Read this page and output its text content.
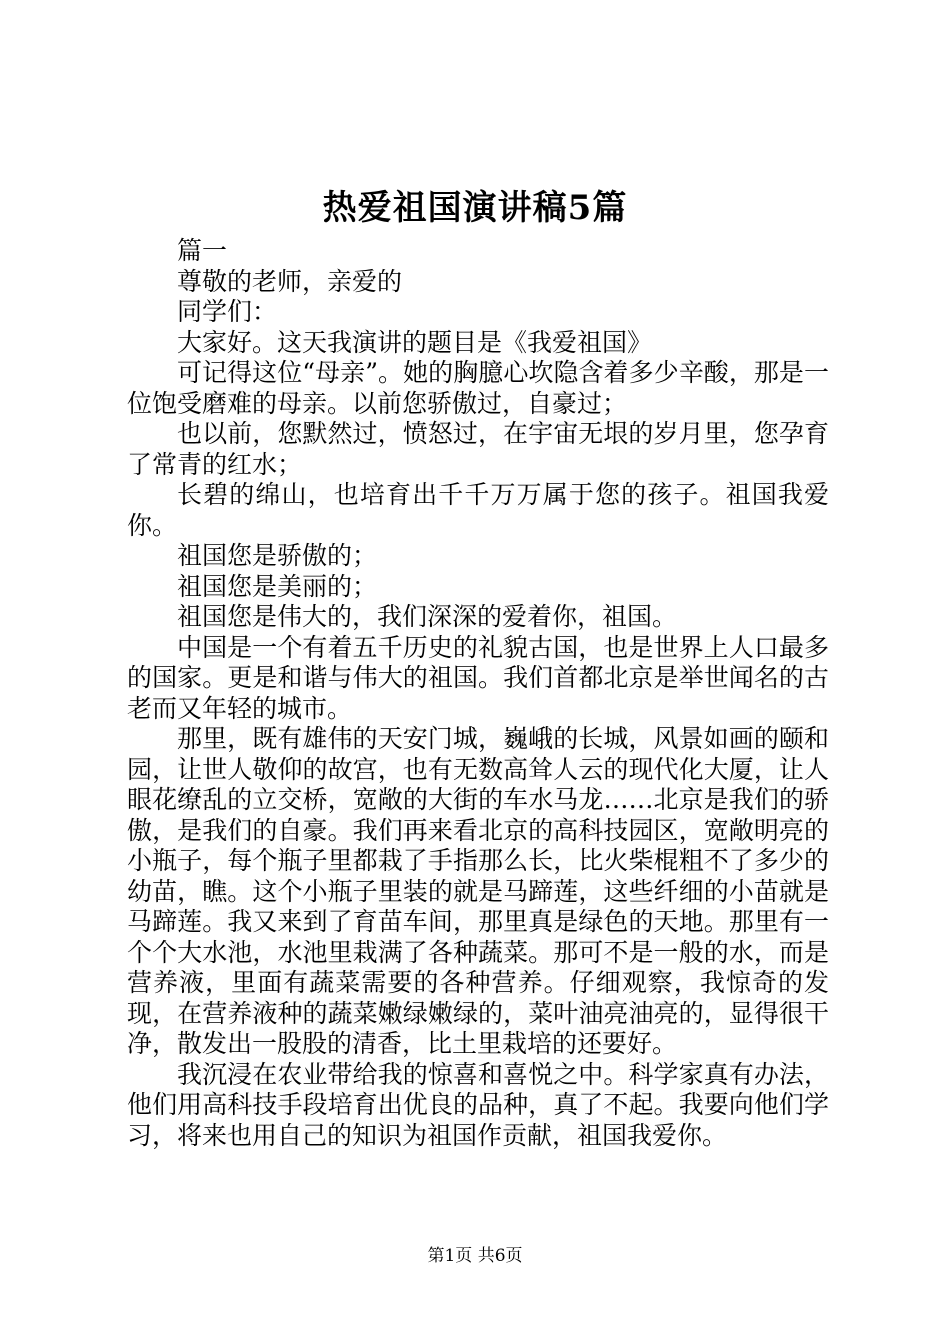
热爱祖国演讲稿5篇

篇一

尊敬的老师，亲爱的

同学们：

大家好。这天我演讲的题目是《我爱祖国》

可记得这位“母亲”。她的胸臆心坎隐含着多少辛酸，那是一位饱受磨难的母亲。以前您骄傲过，自豪过；

也以前，您默然过，愤怒过，在宇宙无垠的岁月里，您孕育了常青的红水；

长碧的绵山，也培育出千千万万属于您的孩子。祖国我爱你。

祖国您是骄傲的；

祖国您是美丽的；

祖国您是伟大的，我们深深的爱着你，祖国。

中国是一个有着五千历史的礼貌古国，也是世界上人口最多的国家。更是和谐与伟大的祖国。我们首都北京是举世闻名的古老而又年轻的城市。

那里，既有雄伟的天安门城，巍峨的长城，风景如画的颐和园，让世人敬仰的故宫，也有无数高耸人云的现代化大厦，让人眼花缭乱的立交桥，宽敞的大街的车水马龙……北京是我们的骄傲，是我们的自豪。我们再来看北京的高科技园区，宽敞明亮的小瓶子，每个瓶子里都栽了手指那么长，比火柴棍粗不了多少的幼苗，瞧。这个小瓶子里装的就是马蹄莲，这些纤细的小苗就是马蹄莲。我又来到了育苗车间，那里真是绿色的天地。那里有一个个大水池，水池里栽满了各种蔬菜。那可不是一般的水，而是营养液，里面有蔬菜需要的各种营养。仔细观察，我惊奇的发现，在营养液种的蔬菜嫩绿嫩绿的，菜叶油亮油亮的，显得很干净，散发出一股股的清香，比土里栽培的还要好。

我沉浸在农业带给我的惊喜和喜悦之中。科学家真有办法，他们用高科技手段培育出优良的品种，真了不起。我要向他们学习，将来也用自己的知识为祖国作贡献，祖国我爱你。

第1页 共6页
